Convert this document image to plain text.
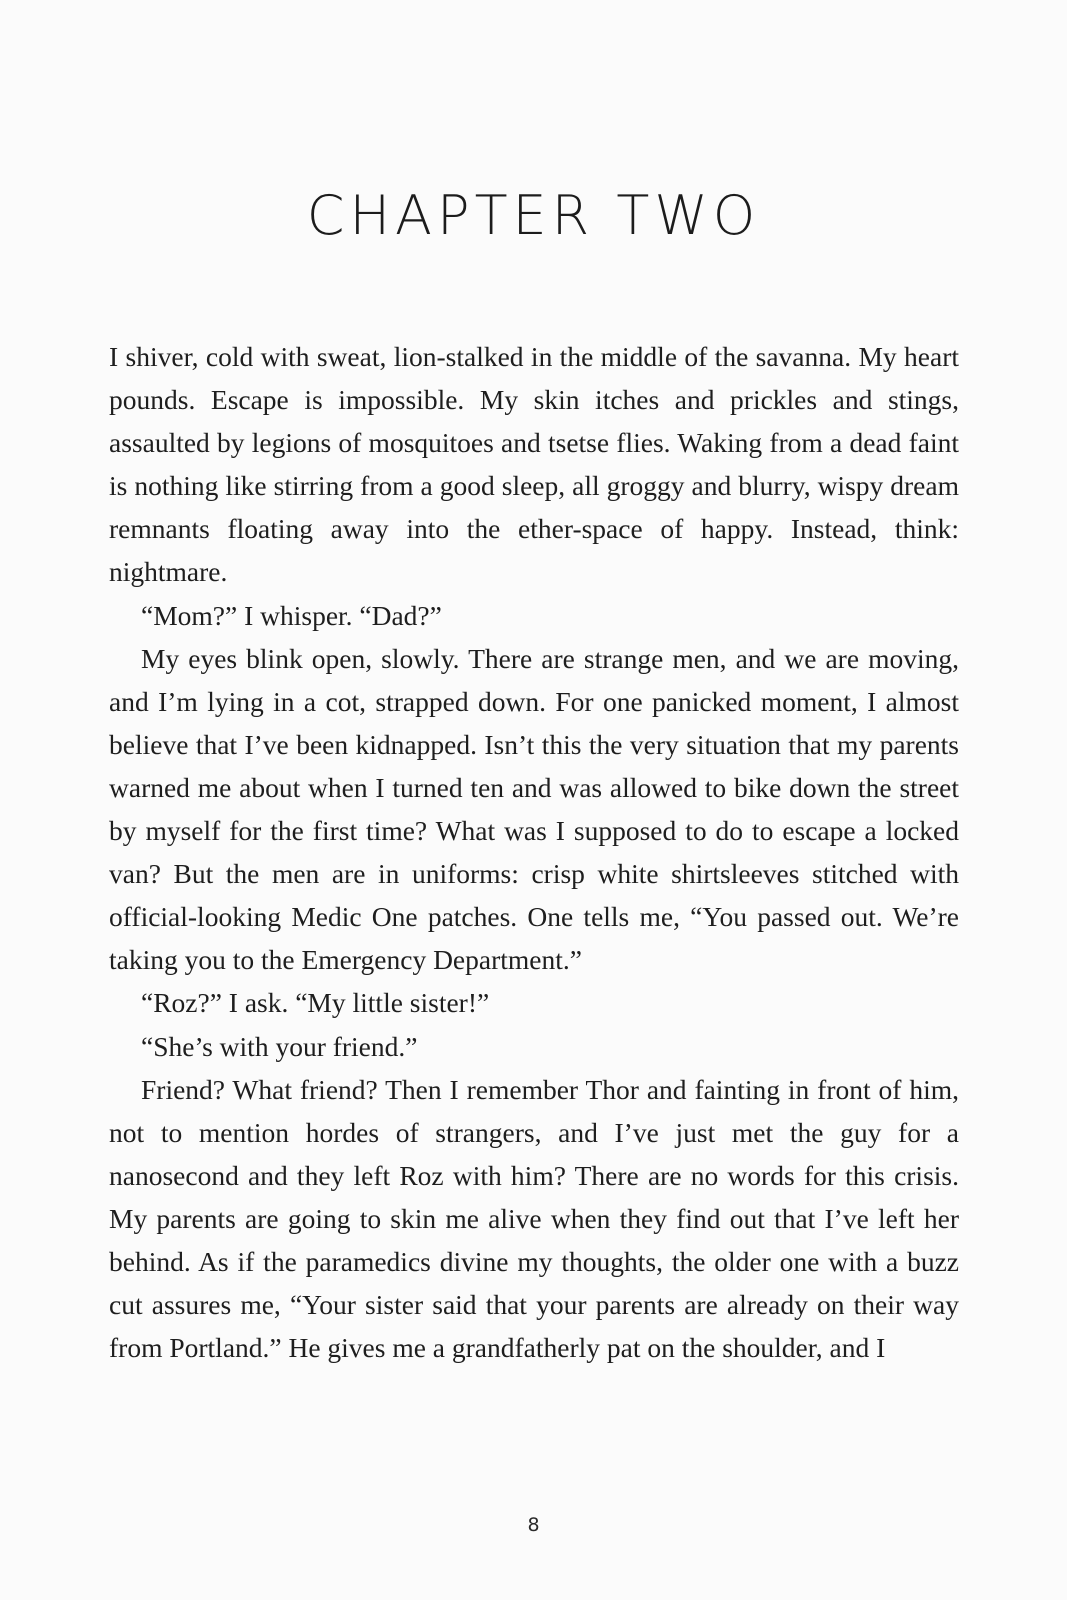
CHAPTER TWO

I shiver, cold with sweat, lion-stalked in the middle of the savanna. My heart pounds. Escape is impossible. My skin itches and prickles and stings, assaulted by legions of mosquitoes and tsetse flies. Waking from a dead faint is nothing like stirring from a good sleep, all groggy and blurry, wispy dream remnants floating away into the ether-space of happy. Instead, think: nightmare.

“Mom?” I whisper. “Dad?”

My eyes blink open, slowly. There are strange men, and we are moving, and I’m lying in a cot, strapped down. For one panicked moment, I almost believe that I’ve been kidnapped. Isn’t this the very situation that my parents warned me about when I turned ten and was allowed to bike down the street by myself for the first time? What was I supposed to do to escape a locked van? But the men are in uniforms: crisp white shirtsleeves stitched with official-looking Medic One patches. One tells me, “You passed out. We’re taking you to the Emergency Department.”

“Roz?” I ask. “My little sister!”

“She’s with your friend.”

Friend? What friend? Then I remember Thor and fainting in front of him, not to mention hordes of strangers, and I’ve just met the guy for a nanosecond and they left Roz with him? There are no words for this crisis. My parents are going to skin me alive when they find out that I’ve left her behind. As if the paramedics divine my thoughts, the older one with a buzz cut assures me, “Your sister said that your parents are already on their way from Portland.” He gives me a grandfatherly pat on the shoulder, and I

8
